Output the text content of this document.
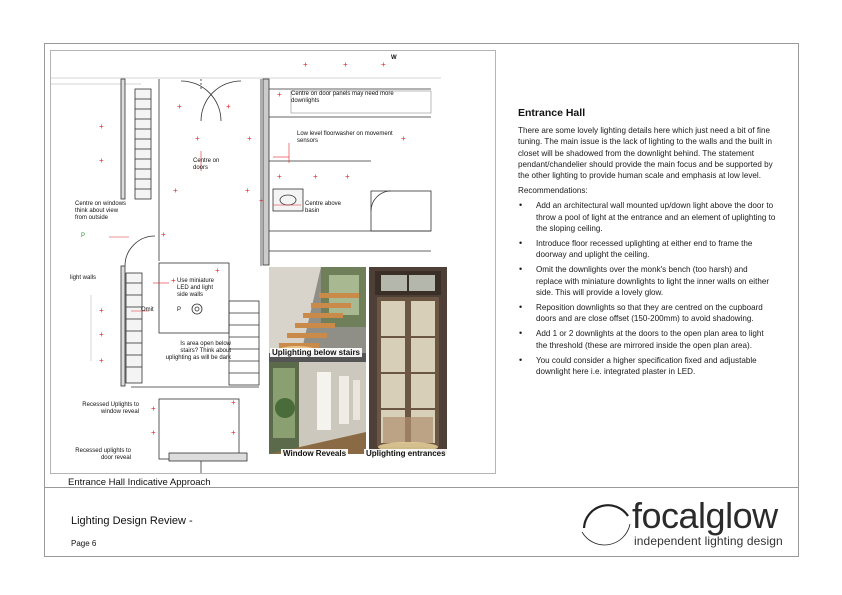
+	+
+	+
+
+
+	+
+	+	+
+
+
+	+
+
+
+
+
+
+
+
+
+
+
+
+
Centre on door panels may need more downlights
Low level floorwasher on movement sensors
Centre on doors
Centre above basin
Centre on windows think about view from outside
light walls	Use miniature LED and light side walls
Omit
Is area open below stairs? Think about uplighting as will be dark
Recessed Uplights to window reveal
Recessed uplights to door reveal
W
P
P
Uplighting below stairs
Window Reveals Uplighting entrances
Entrance Hall Indicative Approach
Entrance Hall

There are some lovely lighting details here which just need a bit of fine tuning. The main issue is the lack of lighting to the walls and the built in closet will be shadowed from the downlight behind. The statement pendant/chandelier should provide the main focus and be supported by the other lighting to provide human scale and emphasis at low level.

Recommendations:

• Add an architectural wall mounted up/down light above the door to throw a pool of light at the entrance and an element of uplighting to the sloping ceiling.
• Introduce floor recessed uplighting at either end to frame the doorway and uplight the ceiling.
• Omit the downlights over the monk's bench (too harsh) and replace with miniature downlights to light the inner walls on either side. This will provide a lovely glow.
• Reposition downlights so that they are centred on the cupboard doors and are close offset (150-200mm) to avoid shadowing.
• Add 1 or 2 downlights at the doors to the open plan area to light the threshold (these are mirrored inside the open plan area).
• You could consider a higher specification fixed and adjustable downlight here i.e. integrated plaster in LED.
Lighting Design Review -
Page 6
focalglow
independent lighting design
